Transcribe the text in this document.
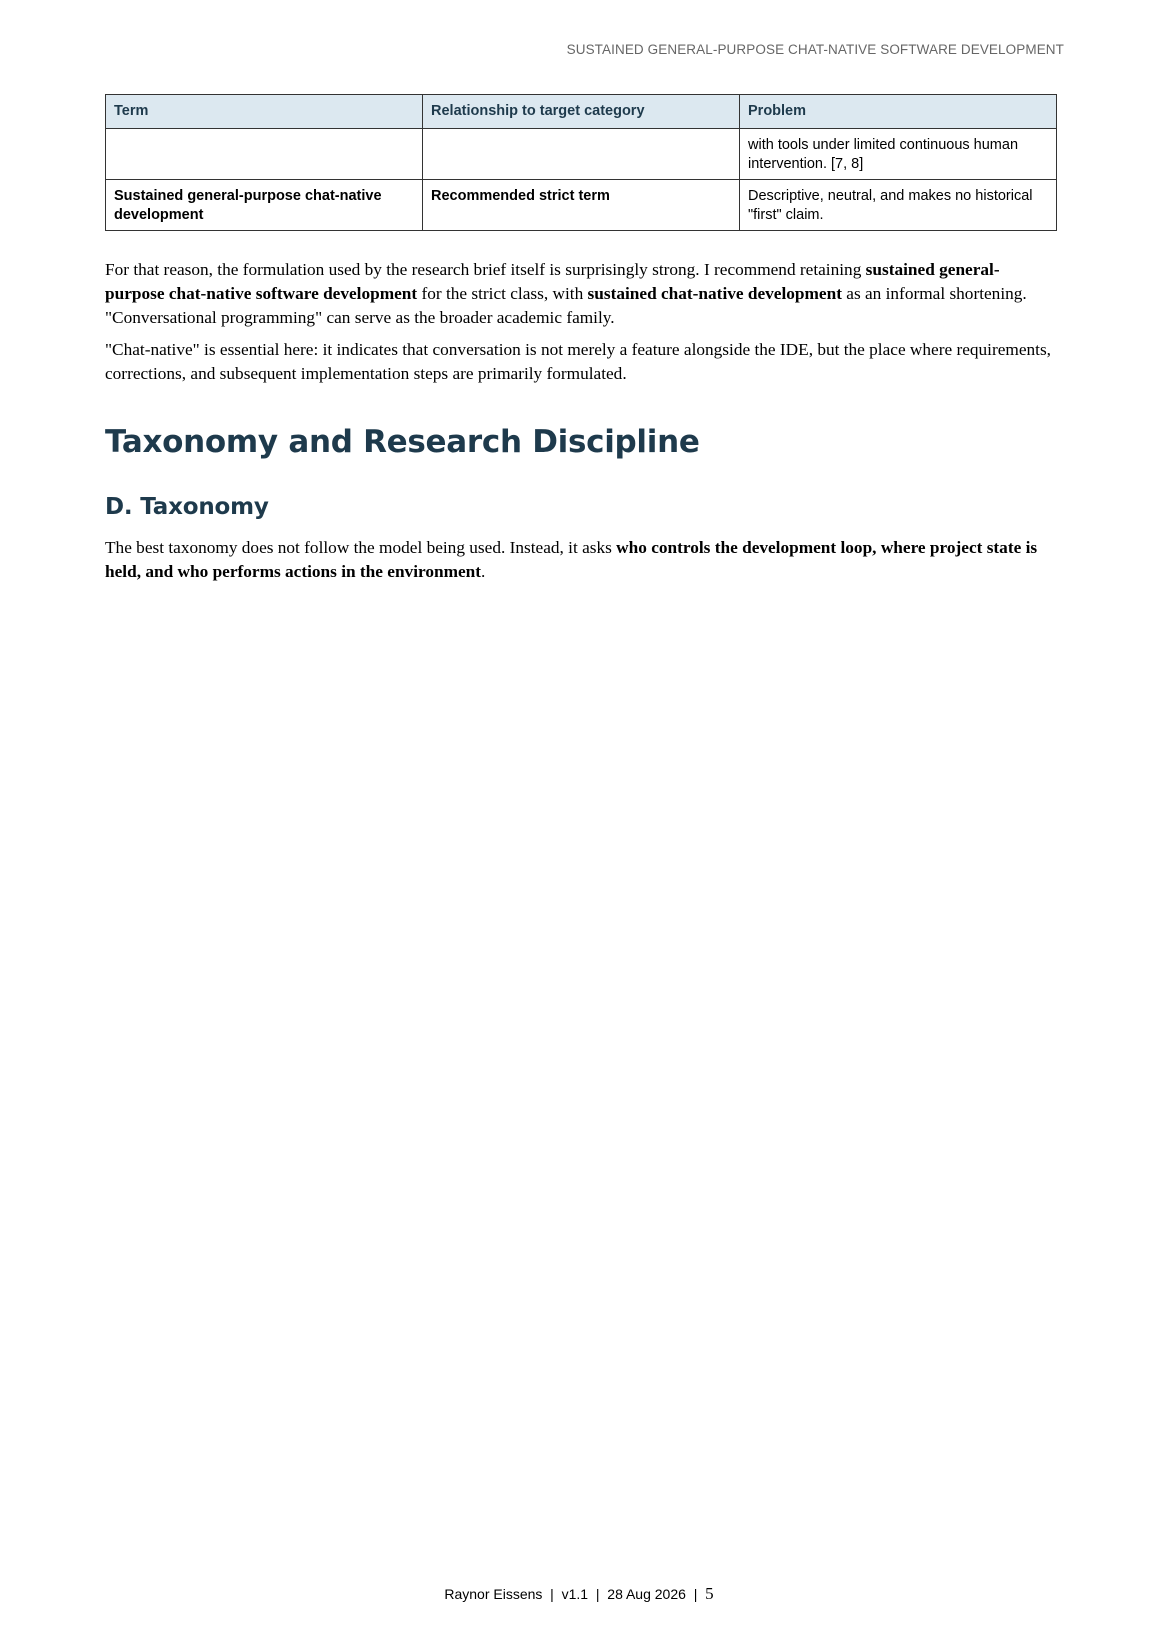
SUSTAINED GENERAL-PURPOSE CHAT-NATIVE SOFTWARE DEVELOPMENT
Term	Relationship to target category	Problem
		with tools under limited continuous human intervention. [7, 8]
Sustained general-purpose chat-native development	Recommended strict term	Descriptive, neutral, and makes no historical "first" claim.

For that reason, the formulation used by the research brief itself is surprisingly strong. I recommend retaining sustained general-purpose chat-native software development for the strict class, with sustained chat-native development as an informal shortening. "Conversational programming" can serve as the broader academic family.

"Chat-native" is essential here: it indicates that conversation is not merely a feature alongside the IDE, but the place where requirements, corrections, and subsequent implementation steps are primarily formulated.

Taxonomy and Research Discipline
D. Taxonomy

The best taxonomy does not follow the model being used. Instead, it asks who controls the development loop, where project state is held, and who performs actions in the environment.

Raynor Eissens  |  v1.1  |  28 Aug 2026  |  5
